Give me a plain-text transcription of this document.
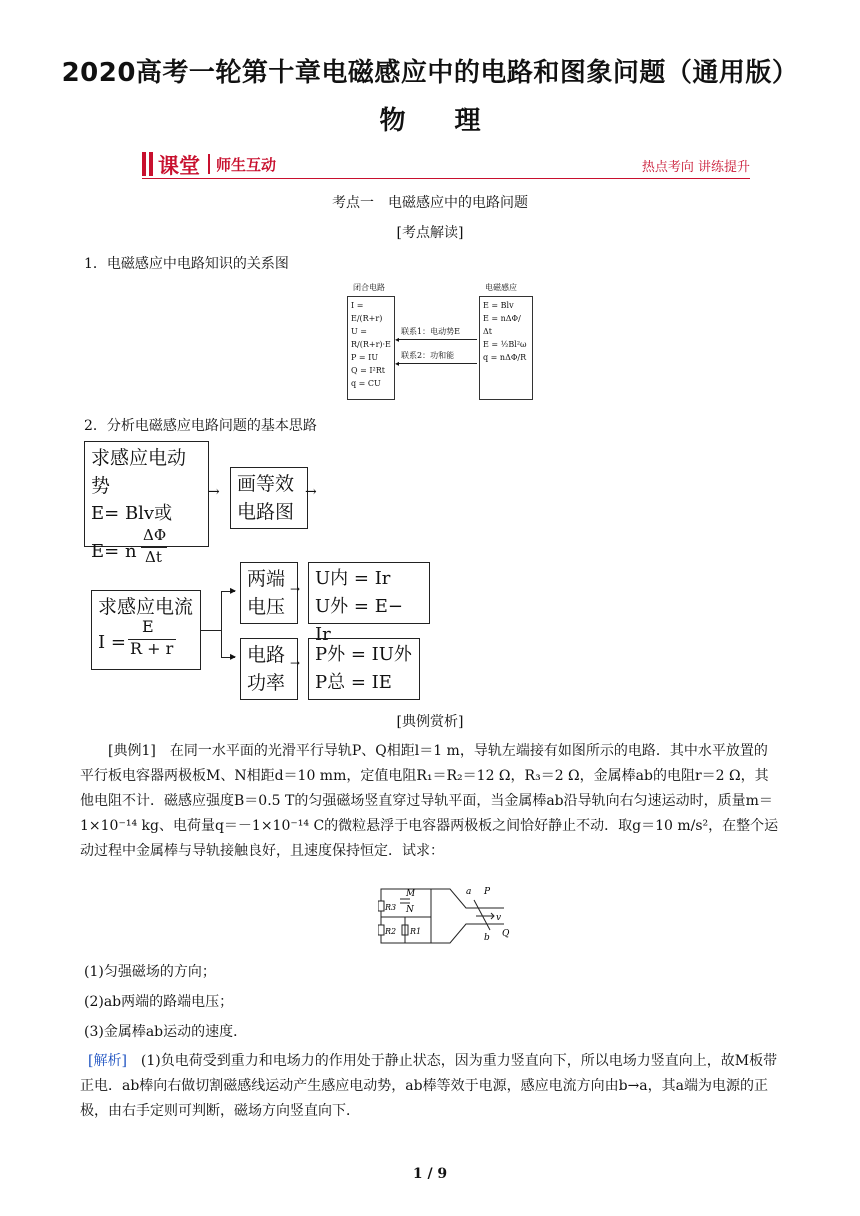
2020高考一轮第十章电磁感应中的电路和图象问题（通用版）
物 理
课堂 师生互动	热点考向 讲练提升
考点一　电磁感应中的电路问题
[考点解读]
1．电磁感应中电路知识的关系图
闭合电路
I = E/(R+r)
U = R/(R+r)·E
P = IU
Q = I²Rt
q = CU
电磁感应
E = Blv
E = nΔΦ/Δt
E = ½Bl²ω
q = nΔΦ/R
联系1：电动势E
◂
联系2：功和能
◂
2．分析电磁感应电路问题的基本思路
求感应电动势
E= Blv或
E= n
ΔΦ
Δt
→ 画等效
电路图
→
求感应电流
I =
E
R + r
▸
▸
两端
电压
→ U内 = Ir
U外 = E− Ir
电路
功率
→ P外 = IU外
P总 = IE
[典例赏析]
[典例1]　在同一水平面的光滑平行导轨P、Q相距l＝1 m，导轨左端接有如图所示的电路．其中水平放置的平行板电容器两极板M、N相距d＝10 mm，定值电阻R₁＝R₂＝12 Ω，R₃＝2 Ω，金属棒ab的电阻r＝2 Ω，其他电阻不计．磁感应强度B＝0.5 T的匀强磁场竖直穿过导轨平面，当金属棒ab沿导轨向右匀速运动时，质量m＝1×10⁻¹⁴ kg、电荷量q＝－1×10⁻¹⁴ C的微粒悬浮于电容器两极板之间恰好静止不动．取g＝10 m/s²，在整个运动过程中金属棒与导轨接触良好，且速度保持恒定．试求：
M
N
R3
R2 R1
a P
v
b Q
(1)匀强磁场的方向；
(2)ab两端的路端电压；
(3)金属棒ab运动的速度．
[解析]　(1)负电荷受到重力和电场力的作用处于静止状态，因为重力竖直向下，所以电场力竖直向上，故M板带正电．ab棒向右做切割磁感线运动产生感应电动势，ab棒等效于电源，感应电流方向由b→a，其a端为电源的正极，由右手定则可判断，磁场方向竖直向下．
1 / 9
